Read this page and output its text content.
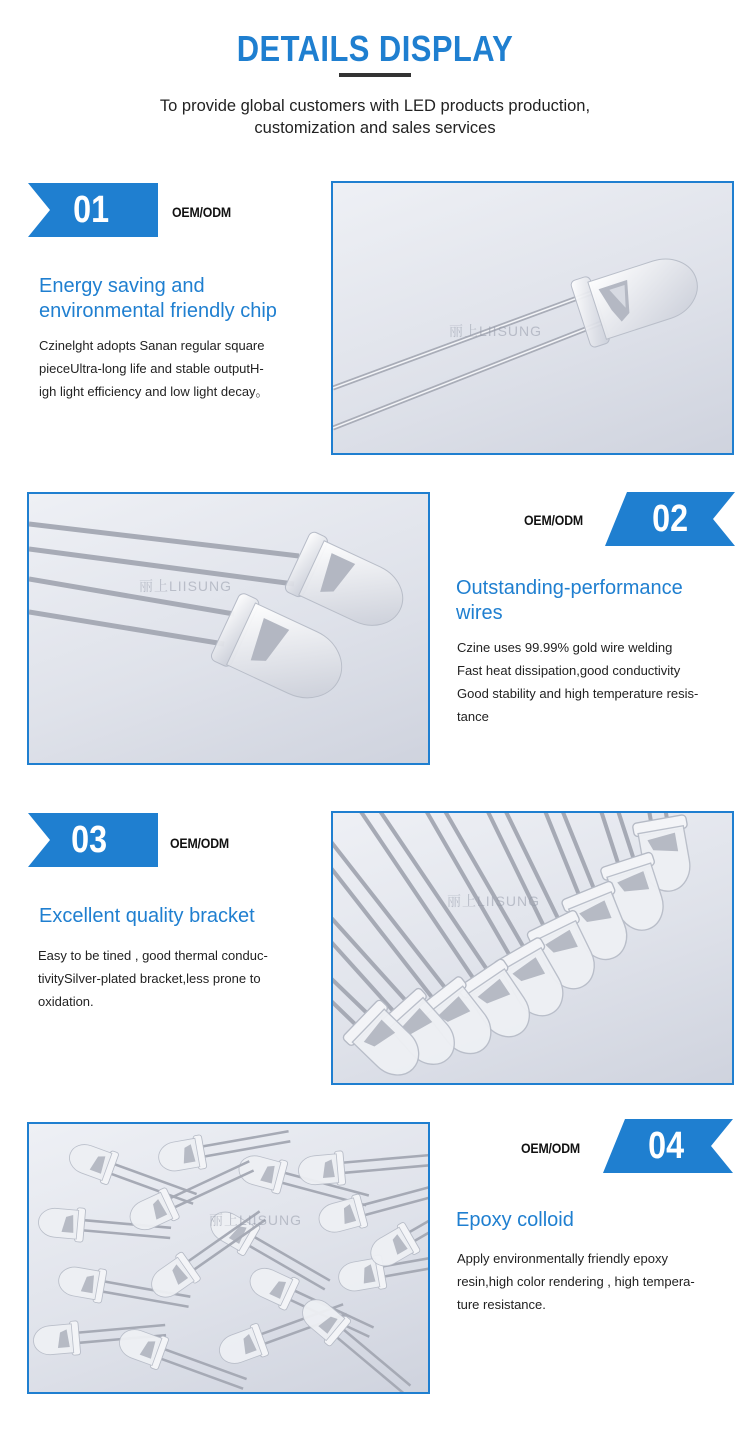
DETAILS DISPLAY
To provide global customers with LED products production,
customization and sales services
01	OEM/ODM
Energy saving and
environmental friendly chip
Czinelght adopts Sanan regular square
pieceUltra-long life and stable outputH-
igh light efficiency and low light decay。
丽上LIISUNG
丽上LIISUNG
OEM/ODM 02
Outstanding-performance
wires
Czine uses 99.99% gold wire welding
Fast heat dissipation,good conductivity
Good stability and high temperature resis-
tance
03	OEM/ODM
Excellent quality bracket
Easy to be tined , good thermal conduc-
tivitySilver-plated bracket,less prone to
oxidation.
丽上LIISUNG
丽上LIISUNG
OEM/ODM 04
Epoxy colloid
Apply environmentally friendly epoxy
resin,high color rendering , high tempera-
ture resistance.
